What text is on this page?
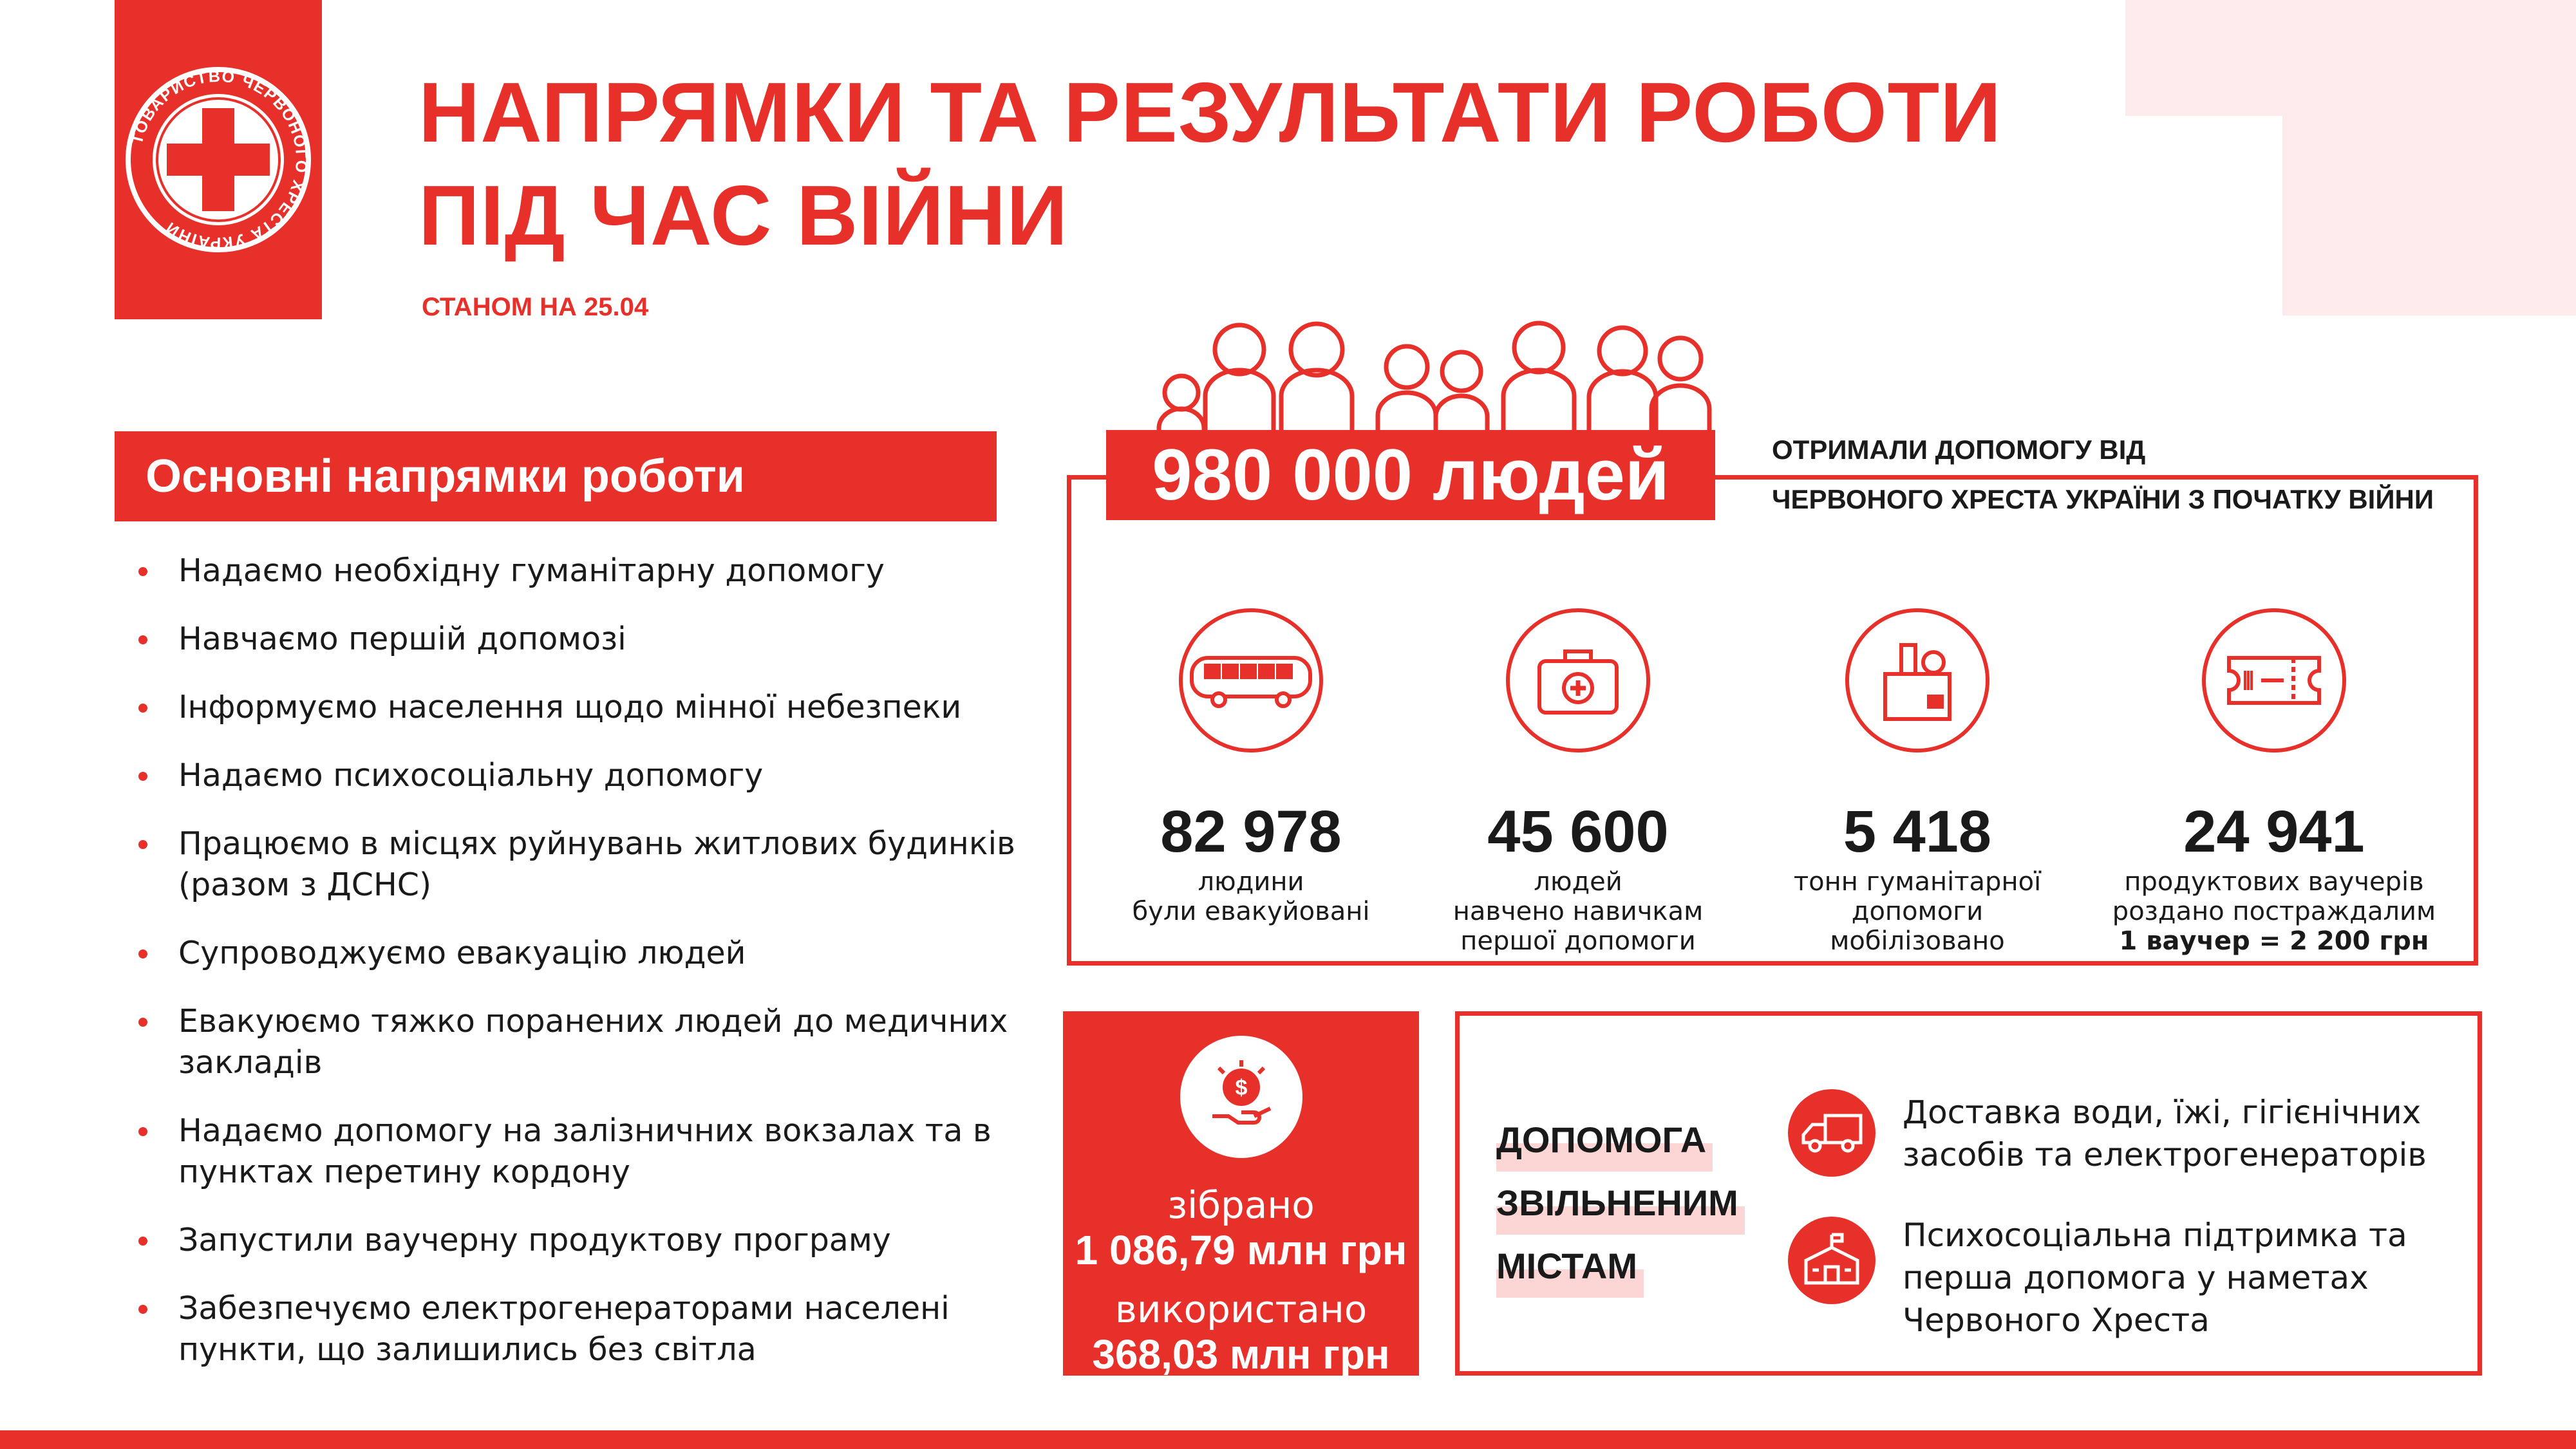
ТОВАРИСТВО ЧЕРВОНОГО ХРЕСТА УКРАЇНИ
НАПРЯМКИ ТА РЕЗУЛЬТАТИ РОБОТИ
ПІД ЧАС ВІЙНИ
СТАНОМ НА 25.04
Основні напрямки роботи
Надаємо необхідну гуманітарну допомогу
Навчаємо першій допомозі
Інформуємо населення щодо мінної небезпеки
Надаємо психосоціальну допомогу
Працюємо в місцях руйнувань житлових будинків (разом з ДСНС)
Супроводжуємо евакуацію людей
Евакуюємо тяжко поранених людей до медичних закладів
Надаємо допомогу на залізничних вокзалах та в пунктах перетину кордону
Запустили ваучерну продуктову програму
Забезпечуємо електрогенераторами населені пункти, що залишились без світла
980 000 людей	ОТРИМАЛИ ДОПОМОГУ ВІД
ЧЕРВОНОГО ХРЕСТА УКРАЇНИ З ПОЧАТКУ ВІЙНИ
82 978
людини
були евакуйовані
45 600
людей
навчено навичкам
першої допомоги
5 418
тонн гуманітарної
допомоги
мобілізовано
24 941
продуктових ваучерів
роздано постраждалим
1 ваучер = 2 200 грн
$
зібрано
1 086,79 млн грн
використано
368,03 млн грн
ДОПОМОГА
ЗВІЛЬНЕНИМ
МІСТАМ
Доставка води, їжі, гігієнічних
засобів та електрогенераторів
Психосоціальна підтримка та
перша допомога у наметах
Червоного Хреста
